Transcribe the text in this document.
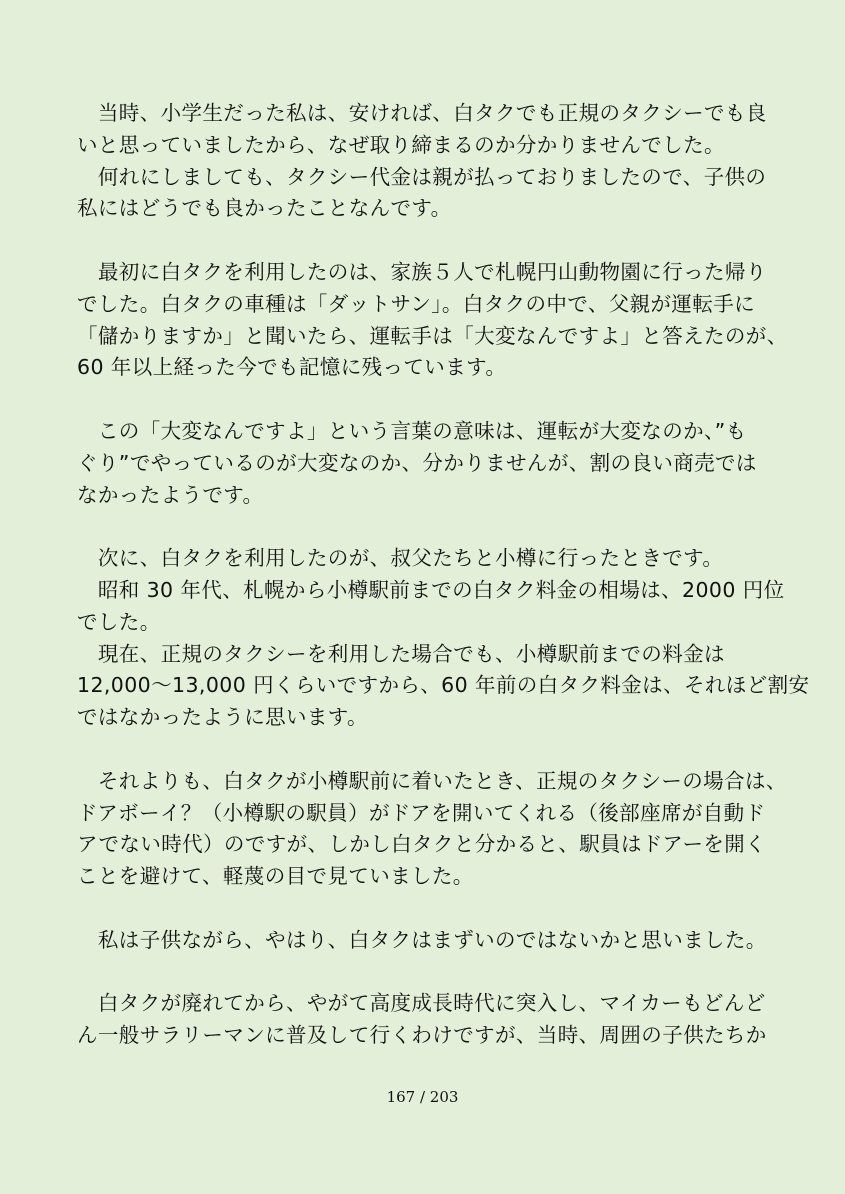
　当時、小学生だった私は、安ければ、白タクでも正規のタクシーでも良
いと思っていましたから、なぜ取り締まるのか分かりませんでした。
　何れにしましても、タクシー代金は親が払っておりましたので、子供の
私にはどうでも良かったことなんです。
　最初に白タクを利用したのは、家族５人で札幌円山動物園に行った帰り
でした。白タクの車種は「ダットサン」。白タクの中で、父親が運転手に
「儲かりますか」と聞いたら、運転手は「大変なんですよ」と答えたのが、
60 年以上経った今でも記憶に残っています。
　この「大変なんですよ」という言葉の意味は、運転が大変なのか、”も
ぐり”でやっているのが大変なのか、分かりませんが、割の良い商売では
なかったようです。
　次に、白タクを利用したのが、叔父たちと小樽に行ったときです。
　昭和 30 年代、札幌から小樽駅前までの白タク料金の相場は、2000 円位
でした。
　現在、正規のタクシーを利用した場合でも、小樽駅前までの料金は
12,000～13,000 円くらいですから、60 年前の白タク料金は、それほど割安
ではなかったように思います。
　それよりも、白タクが小樽駅前に着いたとき、正規のタクシーの場合は、
ドアボーイ？（小樽駅の駅員）がドアを開いてくれる（後部座席が自動ド
アでない時代）のですが、しかし白タクと分かると、駅員はドアーを開く
ことを避けて、軽蔑の目で見ていました。
　私は子供ながら、やはり、白タクはまずいのではないかと思いました。
　白タクが廃れてから、やがて高度成長時代に突入し、マイカーもどんど
ん一般サラリーマンに普及して行くわけですが、当時、周囲の子供たちか
167 / 203
